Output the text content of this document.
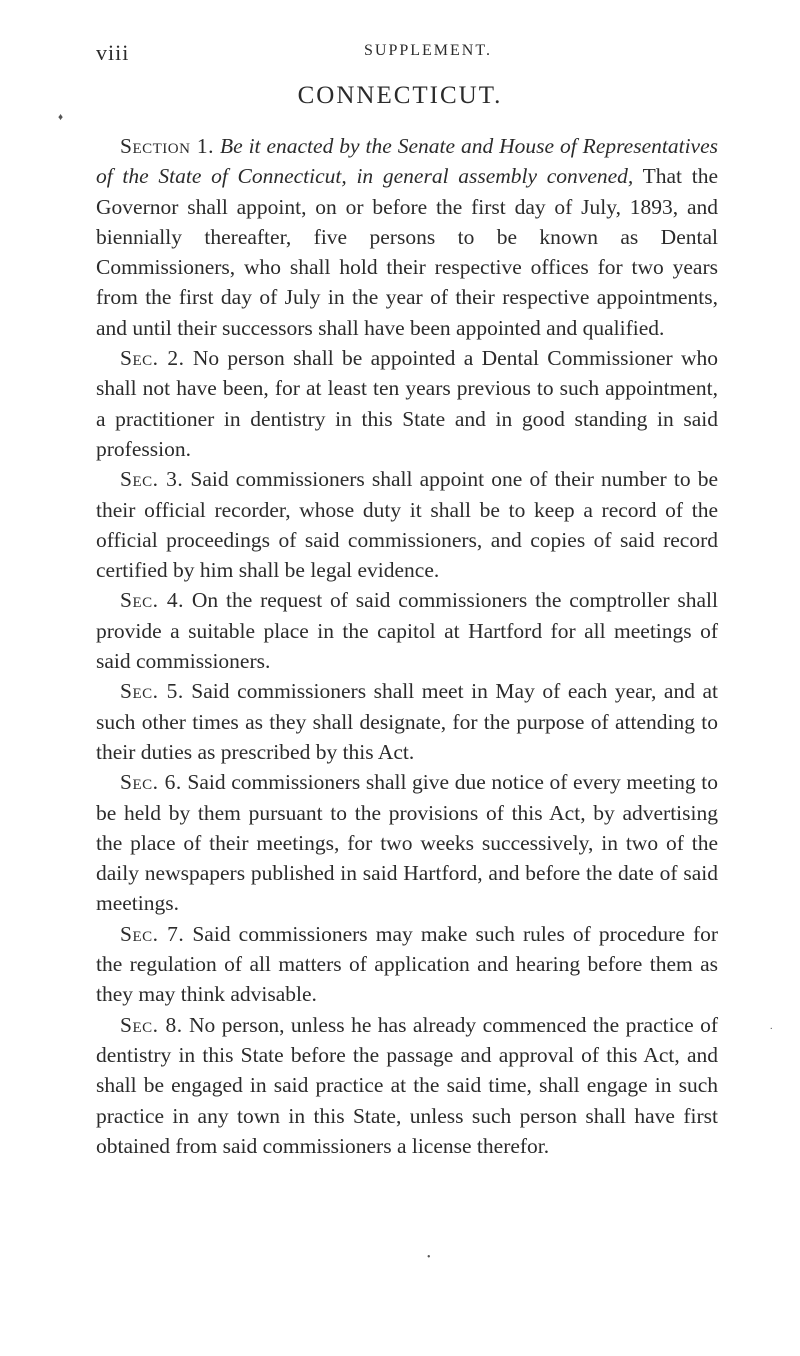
viii	SUPPLEMENT.
♦
CONNECTICUT.

Section 1. Be it enacted by the Senate and House of Representatives of the State of Connecticut, in general assembly convened, That the Governor shall appoint, on or before the first day of July, 1893, and biennially thereafter, five persons to be known as Dental Commissioners, who shall hold their respective offices for two years from the first day of July in the year of their respective appointments, and until their successors shall have been appointed and qualified.

Sec. 2. No person shall be appointed a Dental Commissioner who shall not have been, for at least ten years previous to such appointment, a practitioner in dentistry in this State and in good standing in said profession.

Sec. 3. Said commissioners shall appoint one of their number to be their official recorder, whose duty it shall be to keep a record of the official proceedings of said commissioners, and copies of said record certified by him shall be legal evidence.

Sec. 4. On the request of said commissioners the comptroller shall provide a suitable place in the capitol at Hartford for all meetings of said commissioners.

Sec. 5. Said commissioners shall meet in May of each year, and at such other times as they shall designate, for the purpose of attending to their duties as prescribed by this Act.

Sec. 6. Said commissioners shall give due notice of every meeting to be held by them pursuant to the provisions of this Act, by advertising the place of their meetings, for two weeks successively, in two of the daily newspapers published in said Hartford, and before the date of said meetings.

Sec. 7. Said commissioners may make such rules of procedure for the regulation of all matters of application and hearing before them as they may think advisable.

Sec. 8. No person, unless he has already commenced the practice of dentistry in this State before the passage and approval of this Act, and shall be engaged in said practice at the said time, shall engage in such practice in any town in this State, unless such person shall have first obtained from said commissioners a license therefor.

.
•
